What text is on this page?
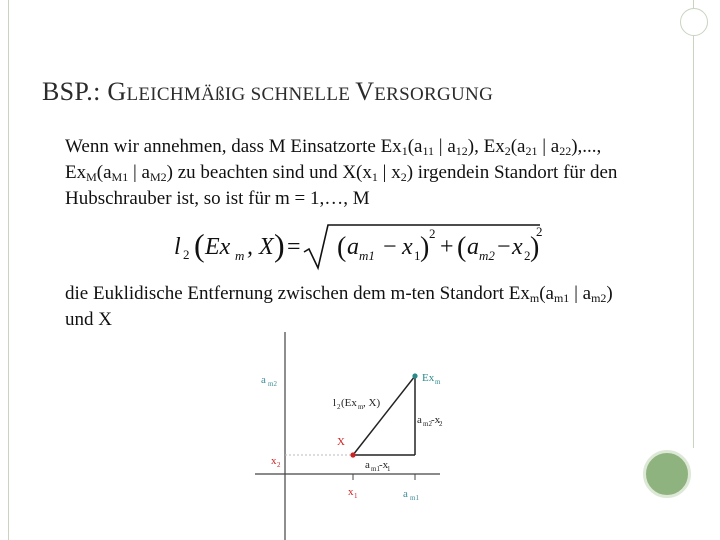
BSP.: GLEICHMÄßIG SCHNELLE VERSORGUNG
Wenn wir annehmen, dass M Einsatzorte $Ex_1(a_{11}$ | $a_{12}$), $Ex_2(a_{21}$ | $a_{22}$),..., $Ex_M(a_{M1}$ | $a_{M2}$) zu beachten sind und $X(x_1$ | $x_2$) irgendein Standort für den Hubschrauber ist, so ist für m = 1,…, M
l 2 ( Ex m , X ) = ( a m1 − x 1 ) 2
+ ( a m2 − x 2 )
2
a m2	Ex m
l 2 (Ex m , X)
a m2 -x
2
X
x 2	a m1 -x
1
x 1	a m1
die Euklidische Entfernung zwischen dem m-ten Standort $Ex_m(a_{m1}$ | $a_{m2}$) und X
